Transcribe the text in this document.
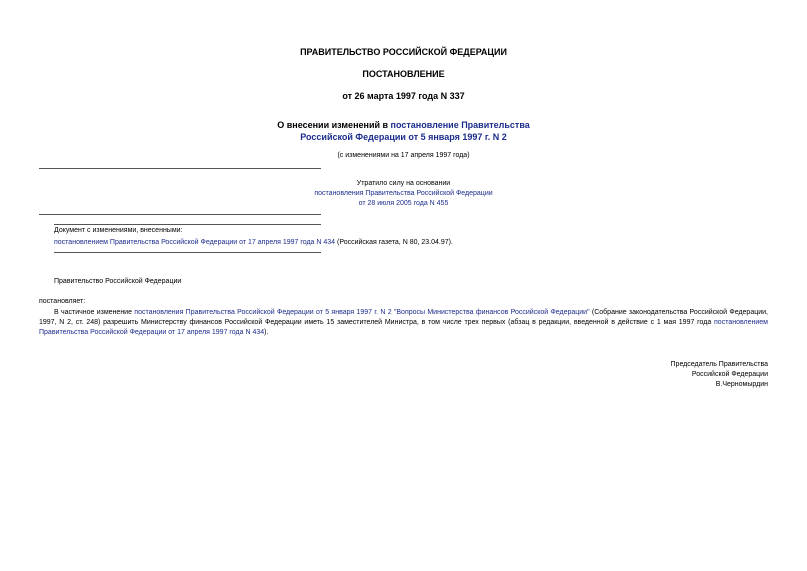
ПРАВИТЕЛЬСТВО РОССИЙСКОЙ ФЕДЕРАЦИИ
ПОСТАНОВЛЕНИЕ
от 26 марта 1997 года N 337
О внесении изменений в постановление Правительства
Российской Федерации от 5 января 1997 г. N 2
(с изменениями на 17 апреля 1997 года)
Утратило силу на основании
постановления Правительства Российской Федерации
от 28 июля 2005 года N 455
Документ с изменениями, внесенными:
постановлением Правительства Российской Федерации от 17 апреля 1997 года N 434 (Российская газета, N 80, 23.04.97).
Правительство Российской Федерации
постановляет:
В частичное изменение постановления Правительства Российской Федерации от 5 января 1997 г. N 2 "Вопросы Министерства финансов Российской Федерации" (Собрание законодательства Российской Федерации, 1997, N 2, ст. 248) разрешить Министерству финансов Российской Федерации иметь 15 заместителей Министра, в том числе трех первых (абзац в редакции, введенной в действие с 1 мая 1997 года постановлением Правительства Российской Федерации от 17 апреля 1997 года N 434).
Председатель Правительства
Российской Федерации
В.Черномырдин
